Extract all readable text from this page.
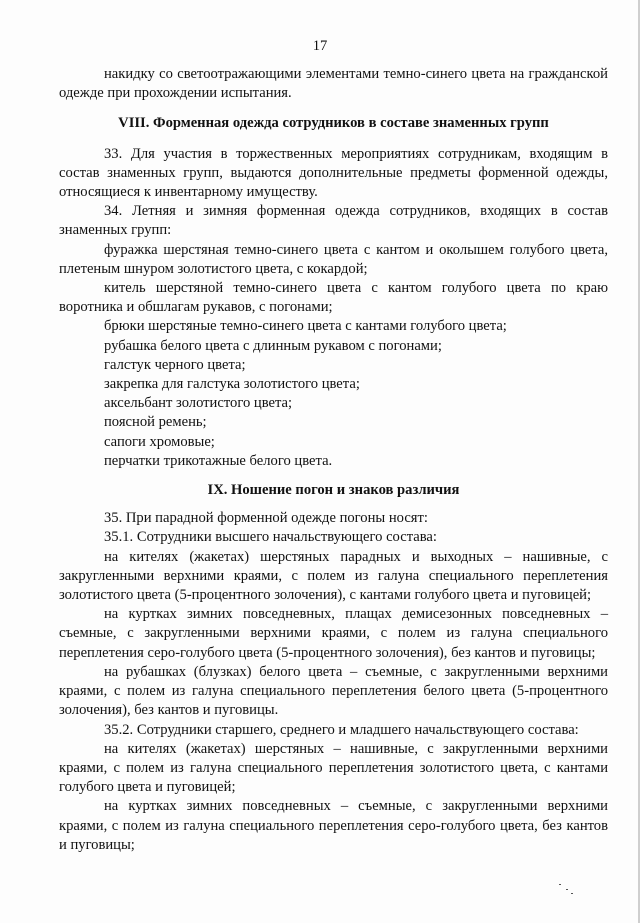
17

накидку со светоотражающими элементами темно-синего цвета на гражданской одежде при прохождении испытания.

VIII. Форменная одежда сотрудников в составе знаменных групп

33. Для участия в торжественных мероприятиях сотрудникам, входящим в состав знаменных групп, выдаются дополнительные предметы форменной одежды, относящиеся к инвентарному имуществу.

34. Летняя и зимняя форменная одежда сотрудников, входящих в состав знаменных групп:

фуражка шерстяная темно-синего цвета с кантом и околышем голубого цвета, плетеным шнуром золотистого цвета, с кокардой;

китель шерстяной темно-синего цвета с кантом голубого цвета по краю воротника и обшлагам рукавов, с погонами;

брюки шерстяные темно-синего цвета с кантами голубого цвета;

рубашка белого цвета с длинным рукавом с погонами;

галстук черного цвета;

закрепка для галстука золотистого цвета;

аксельбант золотистого цвета;

поясной ремень;

сапоги хромовые;

перчатки трикотажные белого цвета.

IX. Ношение погон и знаков различия

35. При парадной форменной одежде погоны носят:

35.1. Сотрудники высшего начальствующего состава:

на кителях (жакетах) шерстяных парадных и выходных – нашивные, с закругленными верхними краями, с полем из галуна специального переплетения золотистого цвета (5-процентного золочения), с кантами голубого цвета и пуговицей;

на куртках зимних повседневных, плащах демисезонных повседневных – съемные, с закругленными верхними краями, с полем из галуна специального переплетения серо-голубого цвета (5-процентного золочения), без кантов и пуговицы;

на рубашках (блузках) белого цвета – съемные, с закругленными верхними краями, с полем из галуна специального переплетения белого цвета (5-процентного золочения), без кантов и пуговицы.

35.2. Сотрудники старшего, среднего и младшего начальствующего состава:

на кителях (жакетах) шерстяных – нашивные, с закругленными верхними краями, с полем из галуна специального переплетения золотистого цвета, с кантами голубого цвета и пуговицей;

на куртках зимних повседневных – съемные, с закругленными верхними краями, с полем из галуна специального переплетения серо-голубого цвета, без кантов и пуговицы;
